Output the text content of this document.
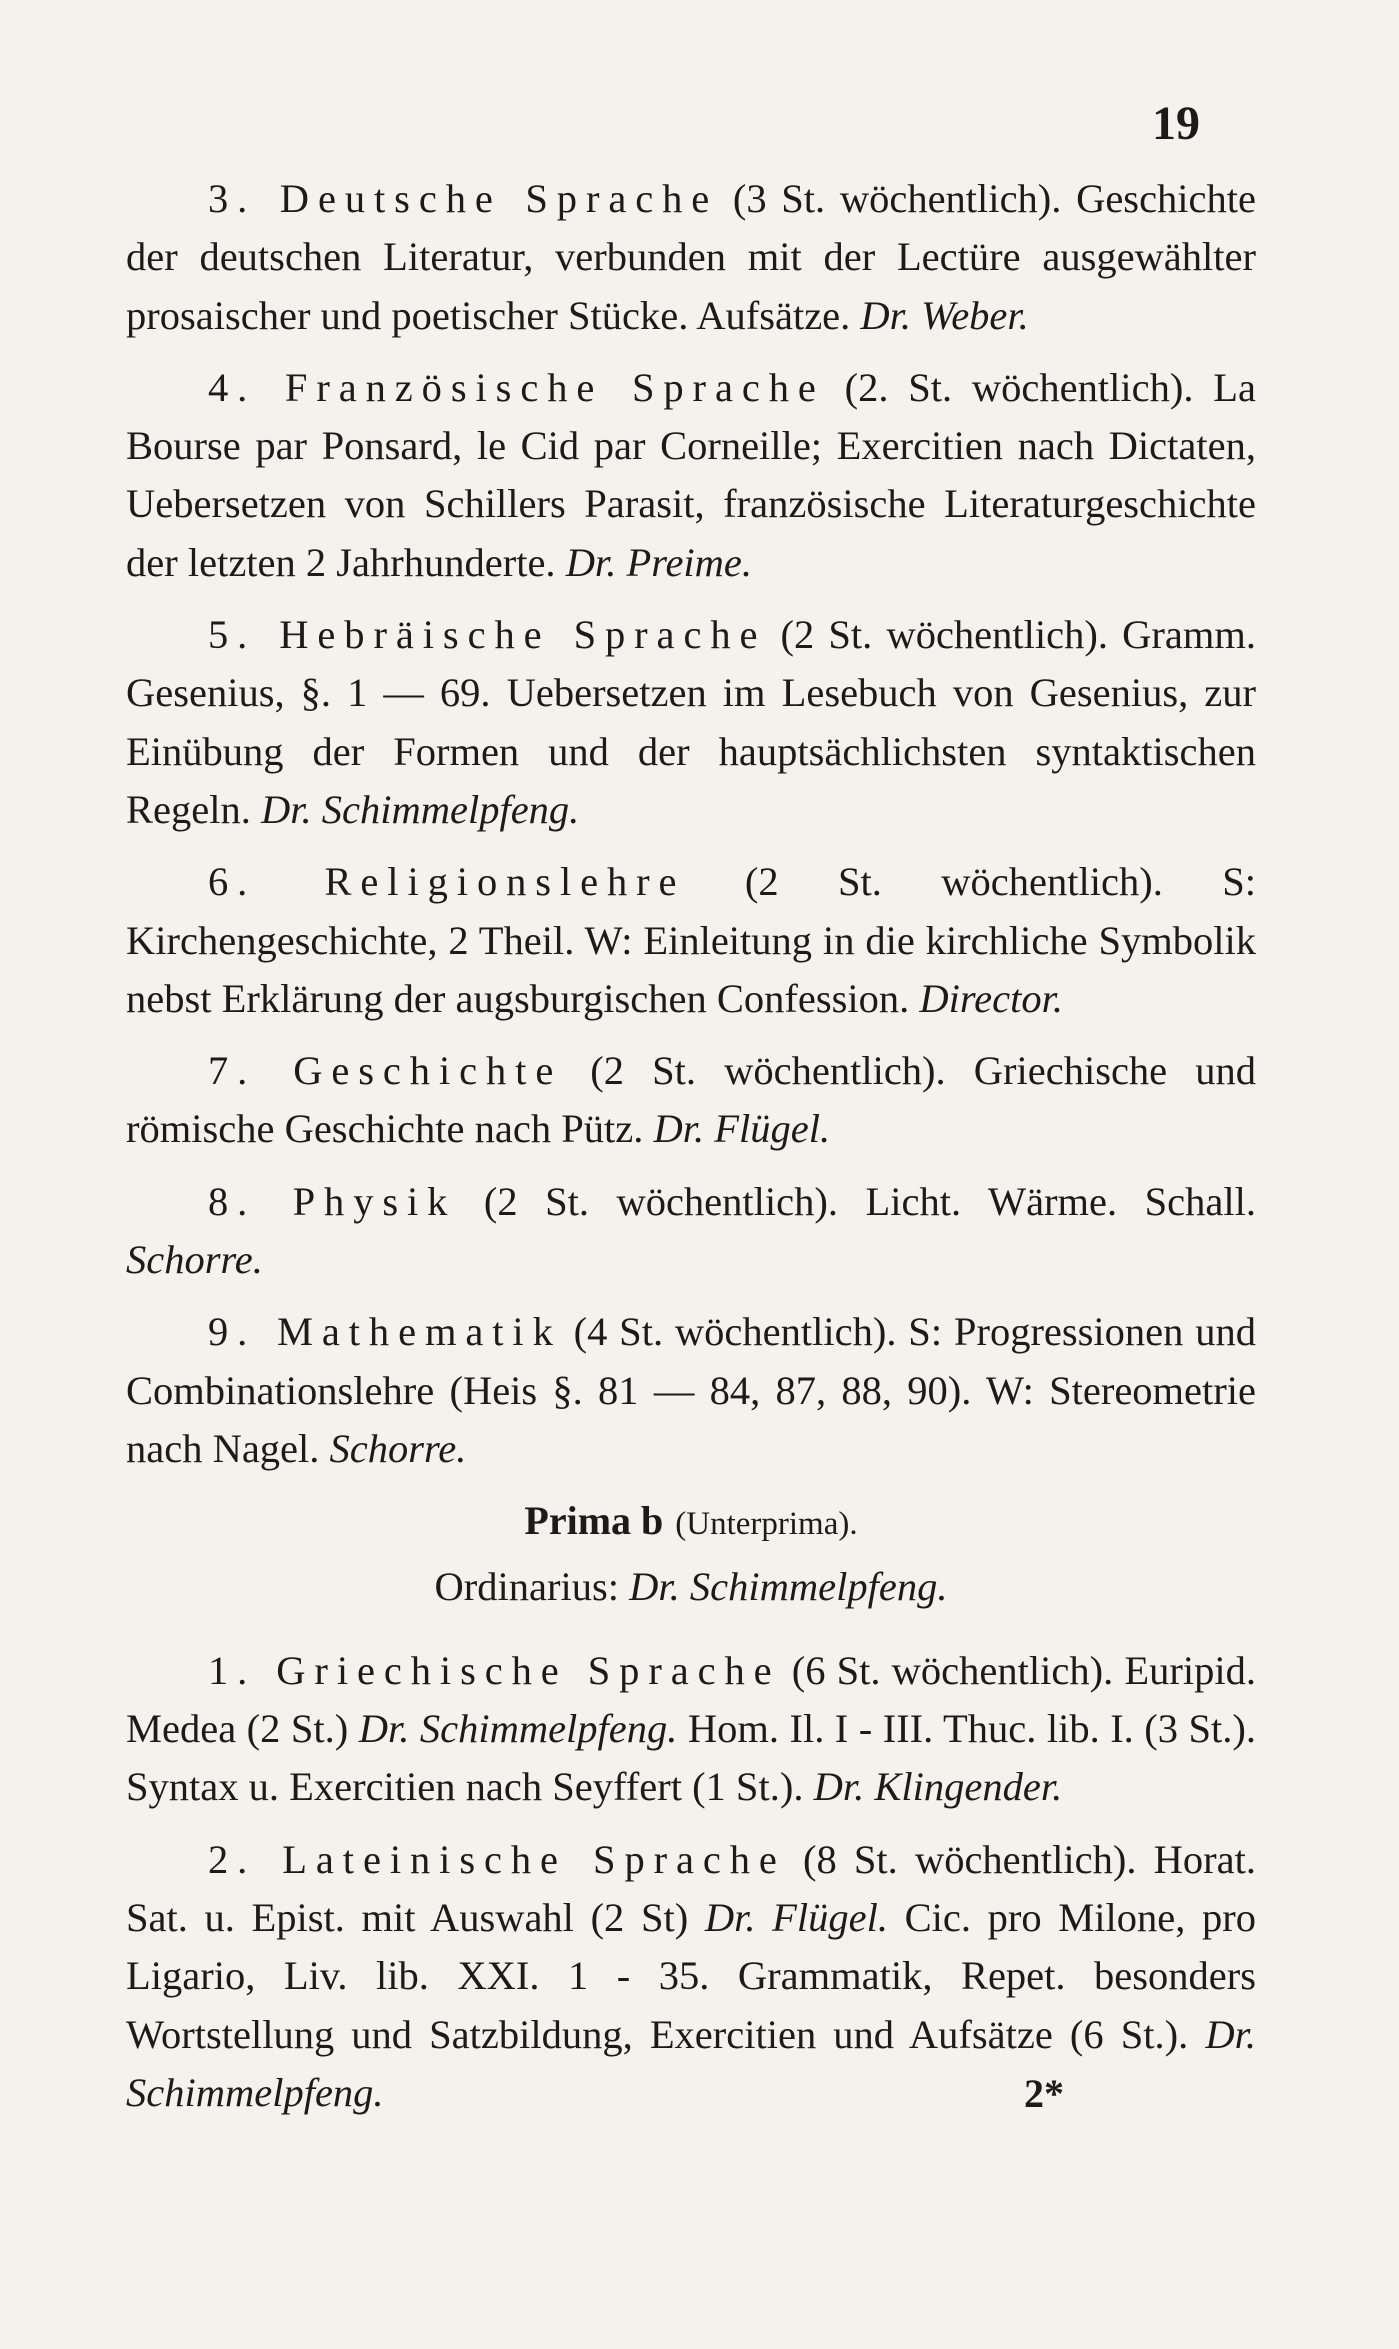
19

3. Deutsche Sprache (3 St. wöchentlich). Geschichte der deutschen Literatur, verbunden mit der Lectüre ausgewählter prosaischer und poetischer Stücke. Aufsätze. Dr. Weber.

4. Französische Sprache (2. St. wöchentlich). La Bourse par Ponsard, le Cid par Corneille; Exercitien nach Dictaten, Uebersetzen von Schillers Parasit, französische Literaturgeschichte der letzten 2 Jahrhunderte. Dr. Preime.

5. Hebräische Sprache (2 St. wöchentlich). Gramm. Gesenius, §. 1 — 69. Uebersetzen im Lesebuch von Gesenius, zur Einübung der Formen und der hauptsächlichsten syntaktischen Regeln. Dr. Schimmelpfeng.

6. Religionslehre (2 St. wöchentlich). S: Kirchengeschichte, 2 Theil. W: Einleitung in die kirchliche Symbolik nebst Erklärung der augsburgischen Confession. Director.

7. Geschichte (2 St. wöchentlich). Griechische und römische Geschichte nach Pütz. Dr. Flügel.

8. Physik (2 St. wöchentlich). Licht. Wärme. Schall. Schorre.

9. Mathematik (4 St. wöchentlich). S: Progressionen und Combinationslehre (Heis §. 81 — 84, 87, 88, 90). W: Stereometrie nach Nagel. Schorre.

Prima b (Unterprima).

Ordinarius: Dr. Schimmelpfeng.

1. Griechische Sprache (6 St. wöchentlich). Euripid. Medea (2 St.) Dr. Schimmelpfeng. Hom. Il. I - III. Thuc. lib. I. (3 St.). Syntax u. Exercitien nach Seyffert (1 St.). Dr. Klingender.

2. Lateinische Sprache (8 St. wöchentlich). Horat. Sat. u. Epist. mit Auswahl (2 St) Dr. Flügel. Cic. pro Milone, pro Ligario, Liv. lib. XXI. 1 - 35. Grammatik, Repet. besonders Wortstellung und Satzbildung, Exercitien und Aufsätze (6 St.). Dr. Schimmelpfeng.	2*
